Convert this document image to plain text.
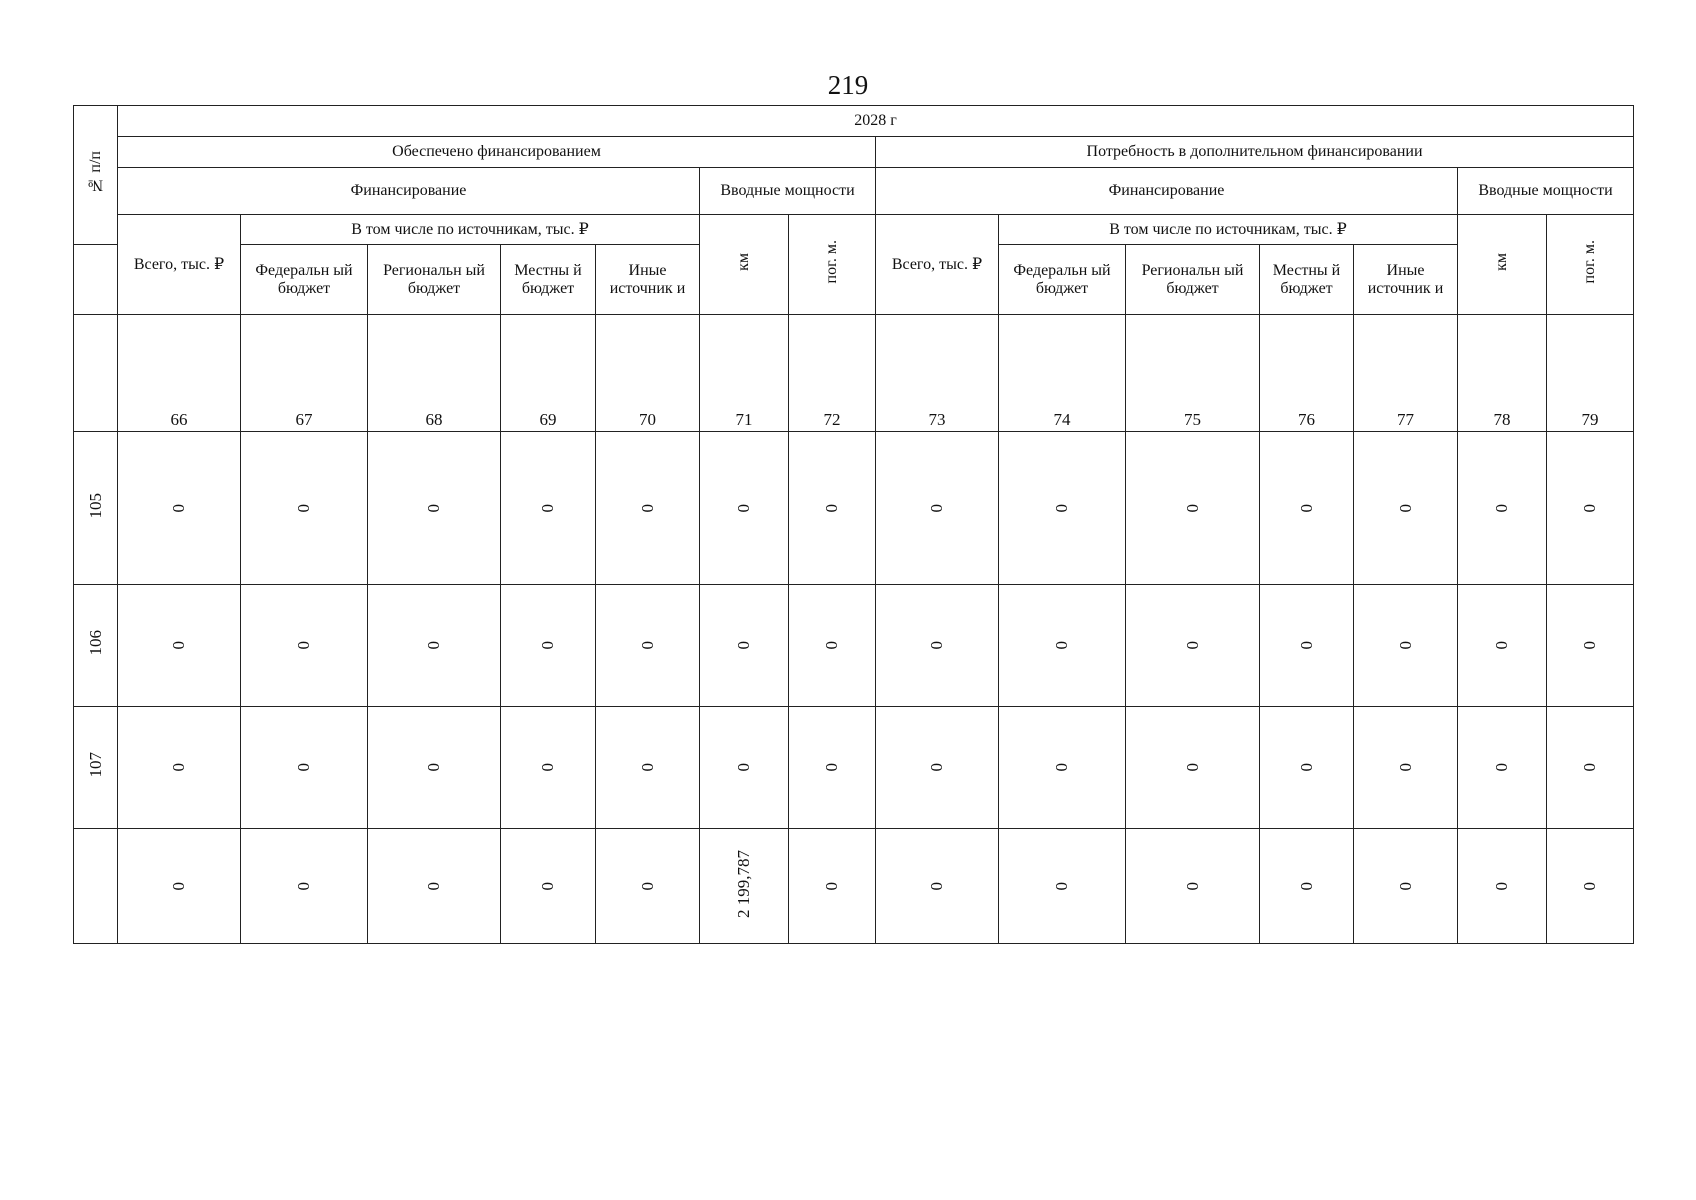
219
№ п/п	2028 г													
	Обеспечено финансированием							Потребность в дополнительном финансировании						
	Финансирование					Вводные мощности		Финансирование					Вводные мощности	

	Всего, тыс. ₽	В том числе по источникам, тыс. ₽				км	пог. м.	Всего, тыс. ₽	В том числе по источникам, тыс. ₽				км	пог. м.

		Федеральн ый бюджет	Региональн ый бюджет	Местны й бюджет	Иные источник и				Федеральн ый бюджет	Региональн ый бюджет	Местны й бюджет	Иные источник и		

	66	67	68	69	70	71	72	73	74	75	76	77	78	79
105	0	0	0	0	0	0	0	0	0	0	0	0	0	0
106	0	0	0	0	0	0	0	0	0	0	0	0	0	0
107	0	0	0	0	0	0	0	0	0	0	0	0	0	0
	0	0	0	0	0	2 199,787	0	0	0	0	0	0	0	0
